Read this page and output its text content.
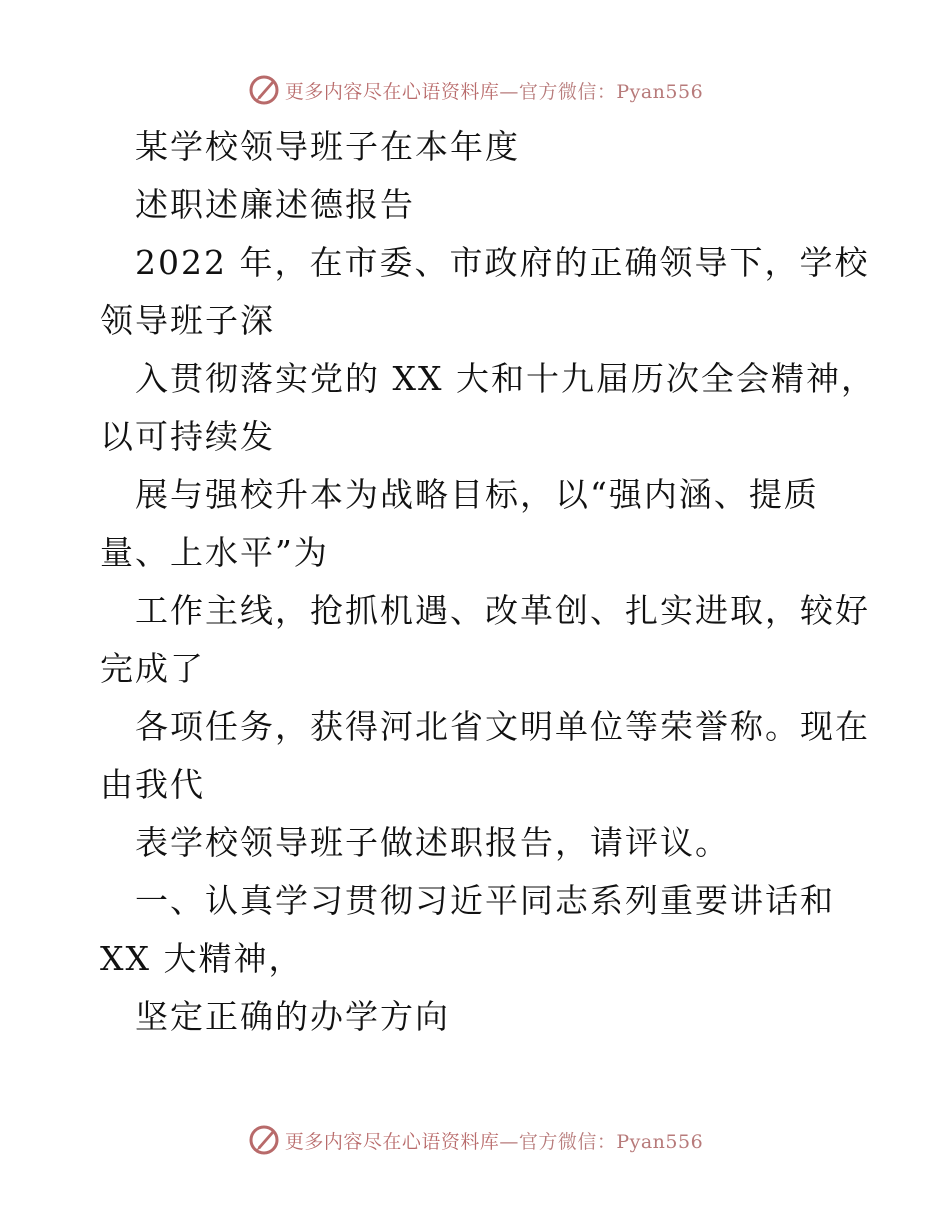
更多内容尽在心语资料库—官方微信：Pyan556
某学校领导班子在本年度
述职述廉述德报告
2022 年，在市委、市政府的正确领导下，学校
领导班子深
入贯彻落实党的 XX 大和十九届历次全会精神，
以可持续发
展与强校升本为战略目标，以“强内涵、提质
量、上水平”为
工作主线，抢抓机遇、改革创、扎实进取，较好
完成了
各项任务，获得河北省文明单位等荣誉称。现在
由我代
表学校领导班子做述职报告，请评议。
一、认真学习贯彻习近平同志系列重要讲话和
XX 大精神，
坚定正确的办学方向
更多内容尽在心语资料库—官方微信：Pyan556
